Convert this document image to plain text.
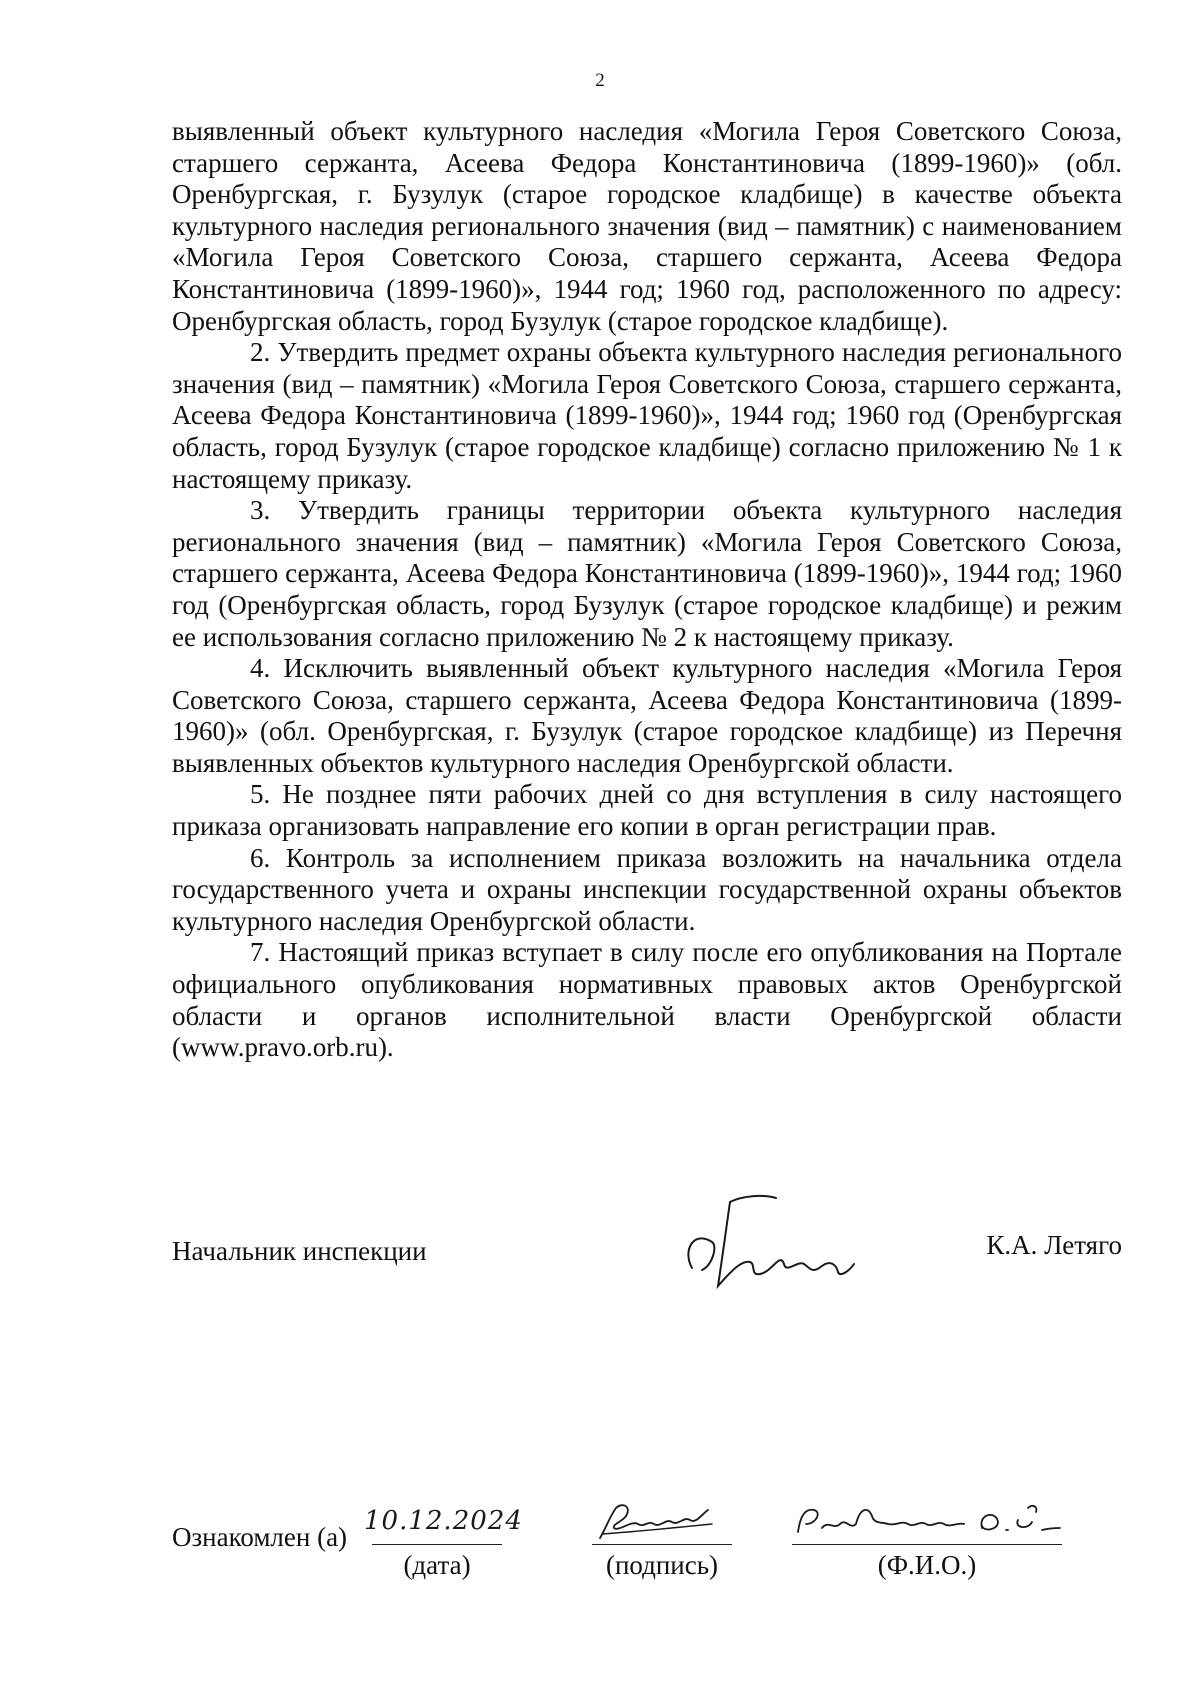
2

выявленный объект культурного наследия «Могила Героя Советского Союза, старшего сержанта, Асеева Федора Константиновича (1899-1960)» (обл. Оренбургская, г. Бузулук (старое городское кладбище) в качестве объекта культурного наследия регионального значения (вид – памятник) с наименованием «Могила Героя Советского Союза, старшего сержанта, Асеева Федора Константиновича (1899-1960)», 1944 год; 1960 год, расположенного по адресу: Оренбургская область, город Бузулук (старое городское кладбище).

2. Утвердить предмет охраны объекта культурного наследия регионального значения (вид – памятник) «Могила Героя Советского Союза, старшего сержанта, Асеева Федора Константиновича (1899-1960)», 1944 год; 1960 год (Оренбургская область, город Бузулук (старое городское кладбище) согласно приложению № 1 к настоящему приказу.

3. Утвердить границы территории объекта культурного наследия регионального значения (вид – памятник) «Могила Героя Советского Союза, старшего сержанта, Асеева Федора Константиновича (1899-1960)», 1944 год; 1960 год (Оренбургская область, город Бузулук (старое городское кладбище) и режим ее использования согласно приложению № 2 к настоящему приказу.

4. Исключить выявленный объект культурного наследия «Могила Героя Советского Союза, старшего сержанта, Асеева Федора Константиновича (1899-1960)» (обл. Оренбургская, г. Бузулук (старое городское кладбище) из Перечня выявленных объектов культурного наследия Оренбургской области.

5. Не позднее пяти рабочих дней со дня вступления в силу настоящего приказа организовать направление его копии в орган регистрации прав.

6. Контроль за исполнением приказа возложить на начальника отдела государственного учета и охраны инспекции государственной охраны объектов культурного наследия Оренбургской области.

7. Настоящий приказ вступает в силу после его опубликования на Портале официального опубликования нормативных правовых актов Оренбургской области и органов исполнительной власти Оренбургской области (www.pravo.orb.ru).

Начальник инспекции	К.А. Летяго
Ознакомлен (а)
10.12.2024
(дата)	(подпись)	(Ф.И.О.)
